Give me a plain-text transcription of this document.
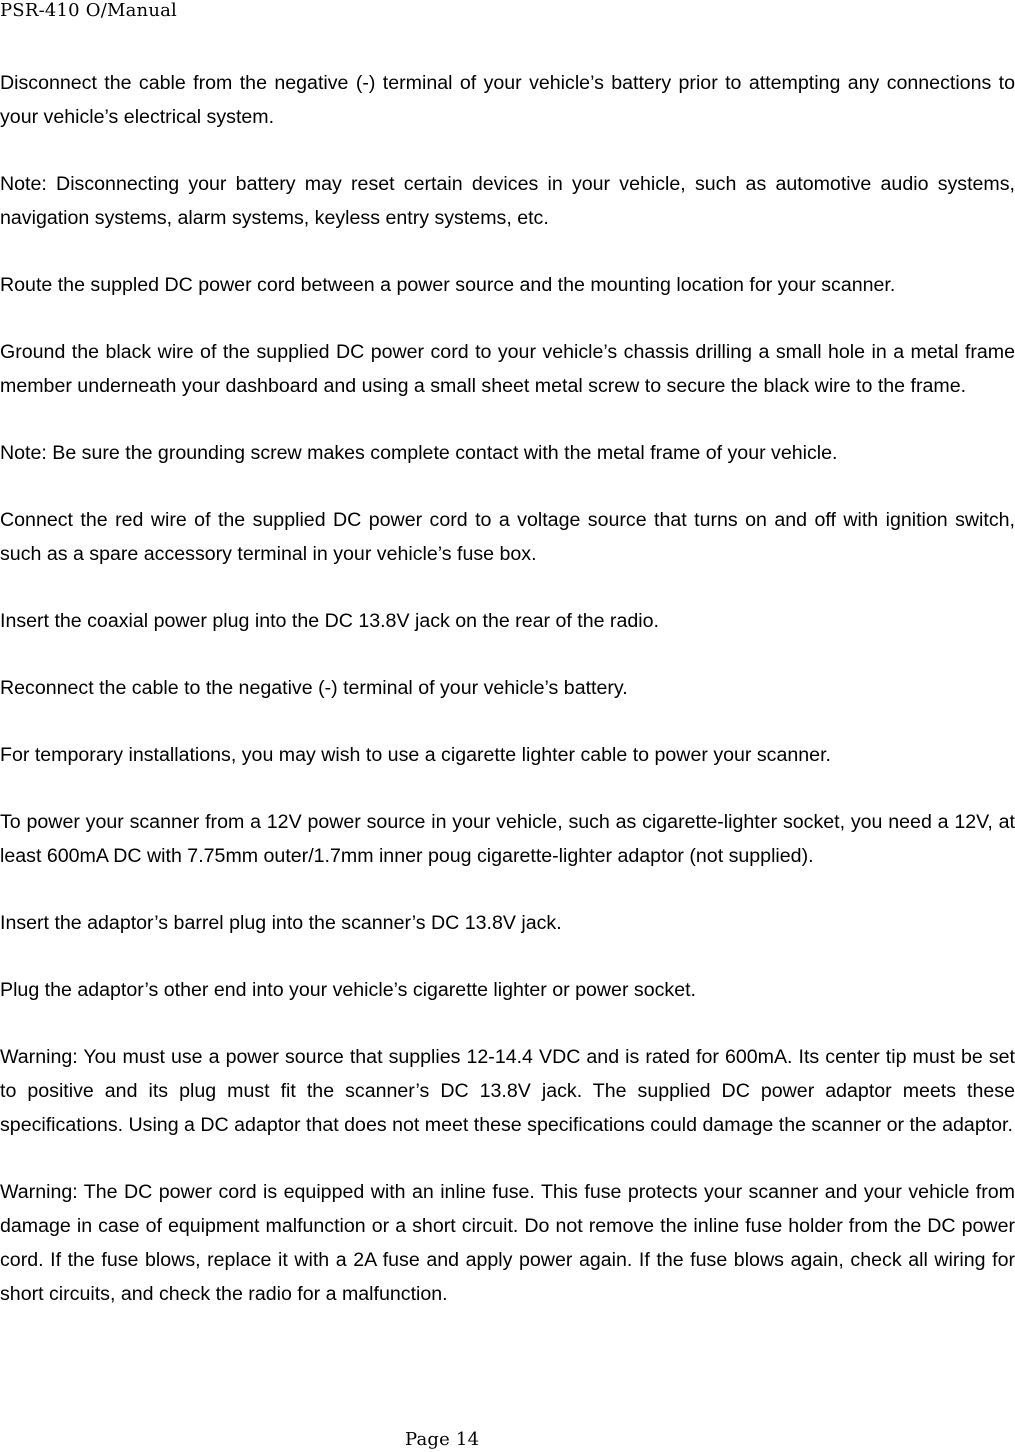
PSR-410 O/Manual

Disconnect the cable from the negative (-) terminal of your vehicle’s battery prior to attempting any connections to your vehicle’s electrical system.

Note: Disconnecting your battery may reset certain devices in your vehicle, such as automotive audio systems, navigation systems, alarm systems, keyless entry systems, etc.

Route the suppled DC power cord between a power source and the mounting location for your scanner.

Ground the black wire of the supplied DC power cord to your vehicle’s chassis drilling a small hole in a metal frame member underneath your dashboard and using a small sheet metal screw to secure the black wire to the frame.

Note: Be sure the grounding screw makes complete contact with the metal frame of your vehicle.

Connect the red wire of the supplied DC power cord to a voltage source that turns on and off with ignition switch, such as a spare accessory terminal in your vehicle’s fuse box.

Insert the coaxial power plug into the DC 13.8V jack on the rear of the radio.

Reconnect the cable to the negative (-) terminal of your vehicle’s battery.

For temporary installations, you may wish to use a cigarette lighter cable to power your scanner.

To power your scanner from a 12V power source in your vehicle, such as cigarette-lighter socket, you need a 12V, at least 600mA DC with 7.75mm outer/1.7mm inner poug cigarette-lighter adaptor (not supplied).

Insert the adaptor’s barrel plug into the scanner’s DC 13.8V jack.

Plug the adaptor’s other end into your vehicle’s cigarette lighter or power socket.

Warning: You must use a power source that supplies 12-14.4 VDC and is rated for 600mA. Its center tip must be set to positive and its plug must fit the scanner’s DC 13.8V jack. The supplied DC power adaptor meets these specifications. Using a DC adaptor that does not meet these specifications could damage the scanner or the adaptor.

Warning: The DC power cord is equipped with an inline fuse. This fuse protects your scanner and your vehicle from damage in case of equipment malfunction or a short circuit. Do not remove the inline fuse holder from the DC power cord. If the fuse blows, replace it with a 2A fuse and apply power again. If the fuse blows again, check all wiring for short circuits, and check the radio for a malfunction.

Page 14
